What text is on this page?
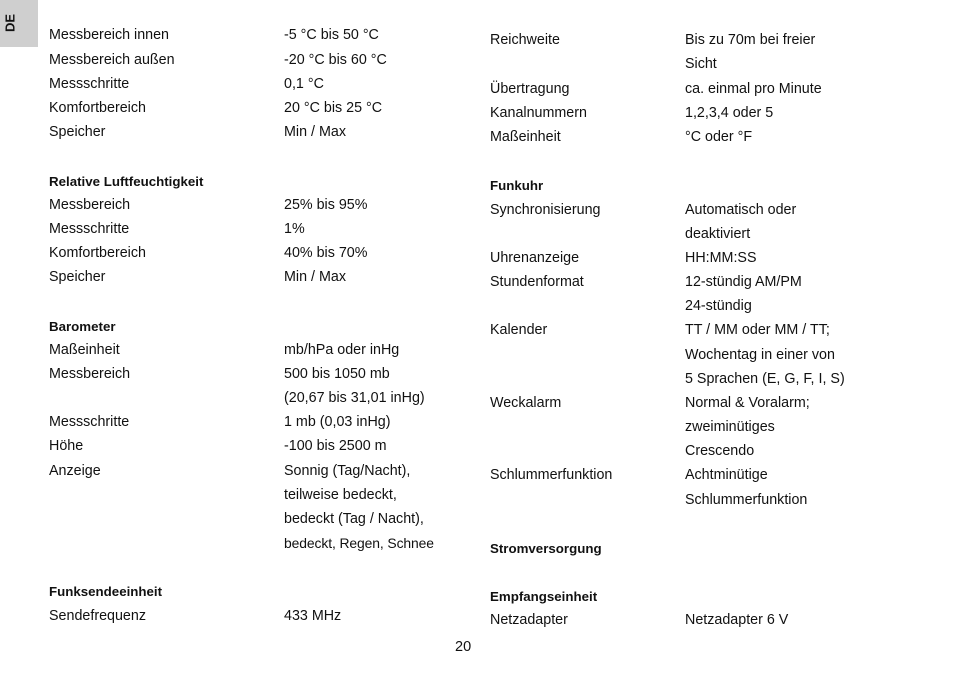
DE
Messbereich innen	-5 °C bis 50 °C
Messbereich außen	-20 °C bis 60 °C
Messschritte	0,1 °C
Komfortbereich	20 °C bis 25 °C
Speicher	Min / Max
Relative Luftfeuchtigkeit
Messbereich	25% bis 95%
Messschritte	1%
Komfortbereich	40% bis 70%
Speicher	Min / Max
Barometer
Maßeinheit	mb/hPa oder inHg
Messbereich	500 bis 1050 mb
(20,67 bis 31,01 inHg)
Messschritte	1 mb (0,03 inHg)
Höhe	-100 bis 2500 m
Anzeige	Sonnig (Tag/Nacht),
teilweise bedeckt,
bedeckt (Tag / Nacht),
bedeckt, Regen, Schnee
Funksendeeinheit
Sendefrequenz	433 MHz
Reichweite	Bis zu 70m bei freier
Sicht
Übertragung	ca. einmal pro Minute
Kanalnummern	1,2,3,4 oder 5
Maßeinheit	°C oder °F
Funkuhr
Synchronisierung	Automatisch oder
deaktiviert
Uhrenanzeige	HH:MM:SS
Stundenformat	12-stündig AM/PM
24-stündig
Kalender	TT / MM oder MM / TT;
Wochentag in einer von
5 Sprachen (E, G, F, I, S)
Weckalarm	Normal & Voralarm;
zweiminütiges
Crescendo
Schlummerfunktion	Achtminütige
Schlummerfunktion
Stromversorgung
Empfangseinheit
Netzadapter	Netzadapter 6 V
20
